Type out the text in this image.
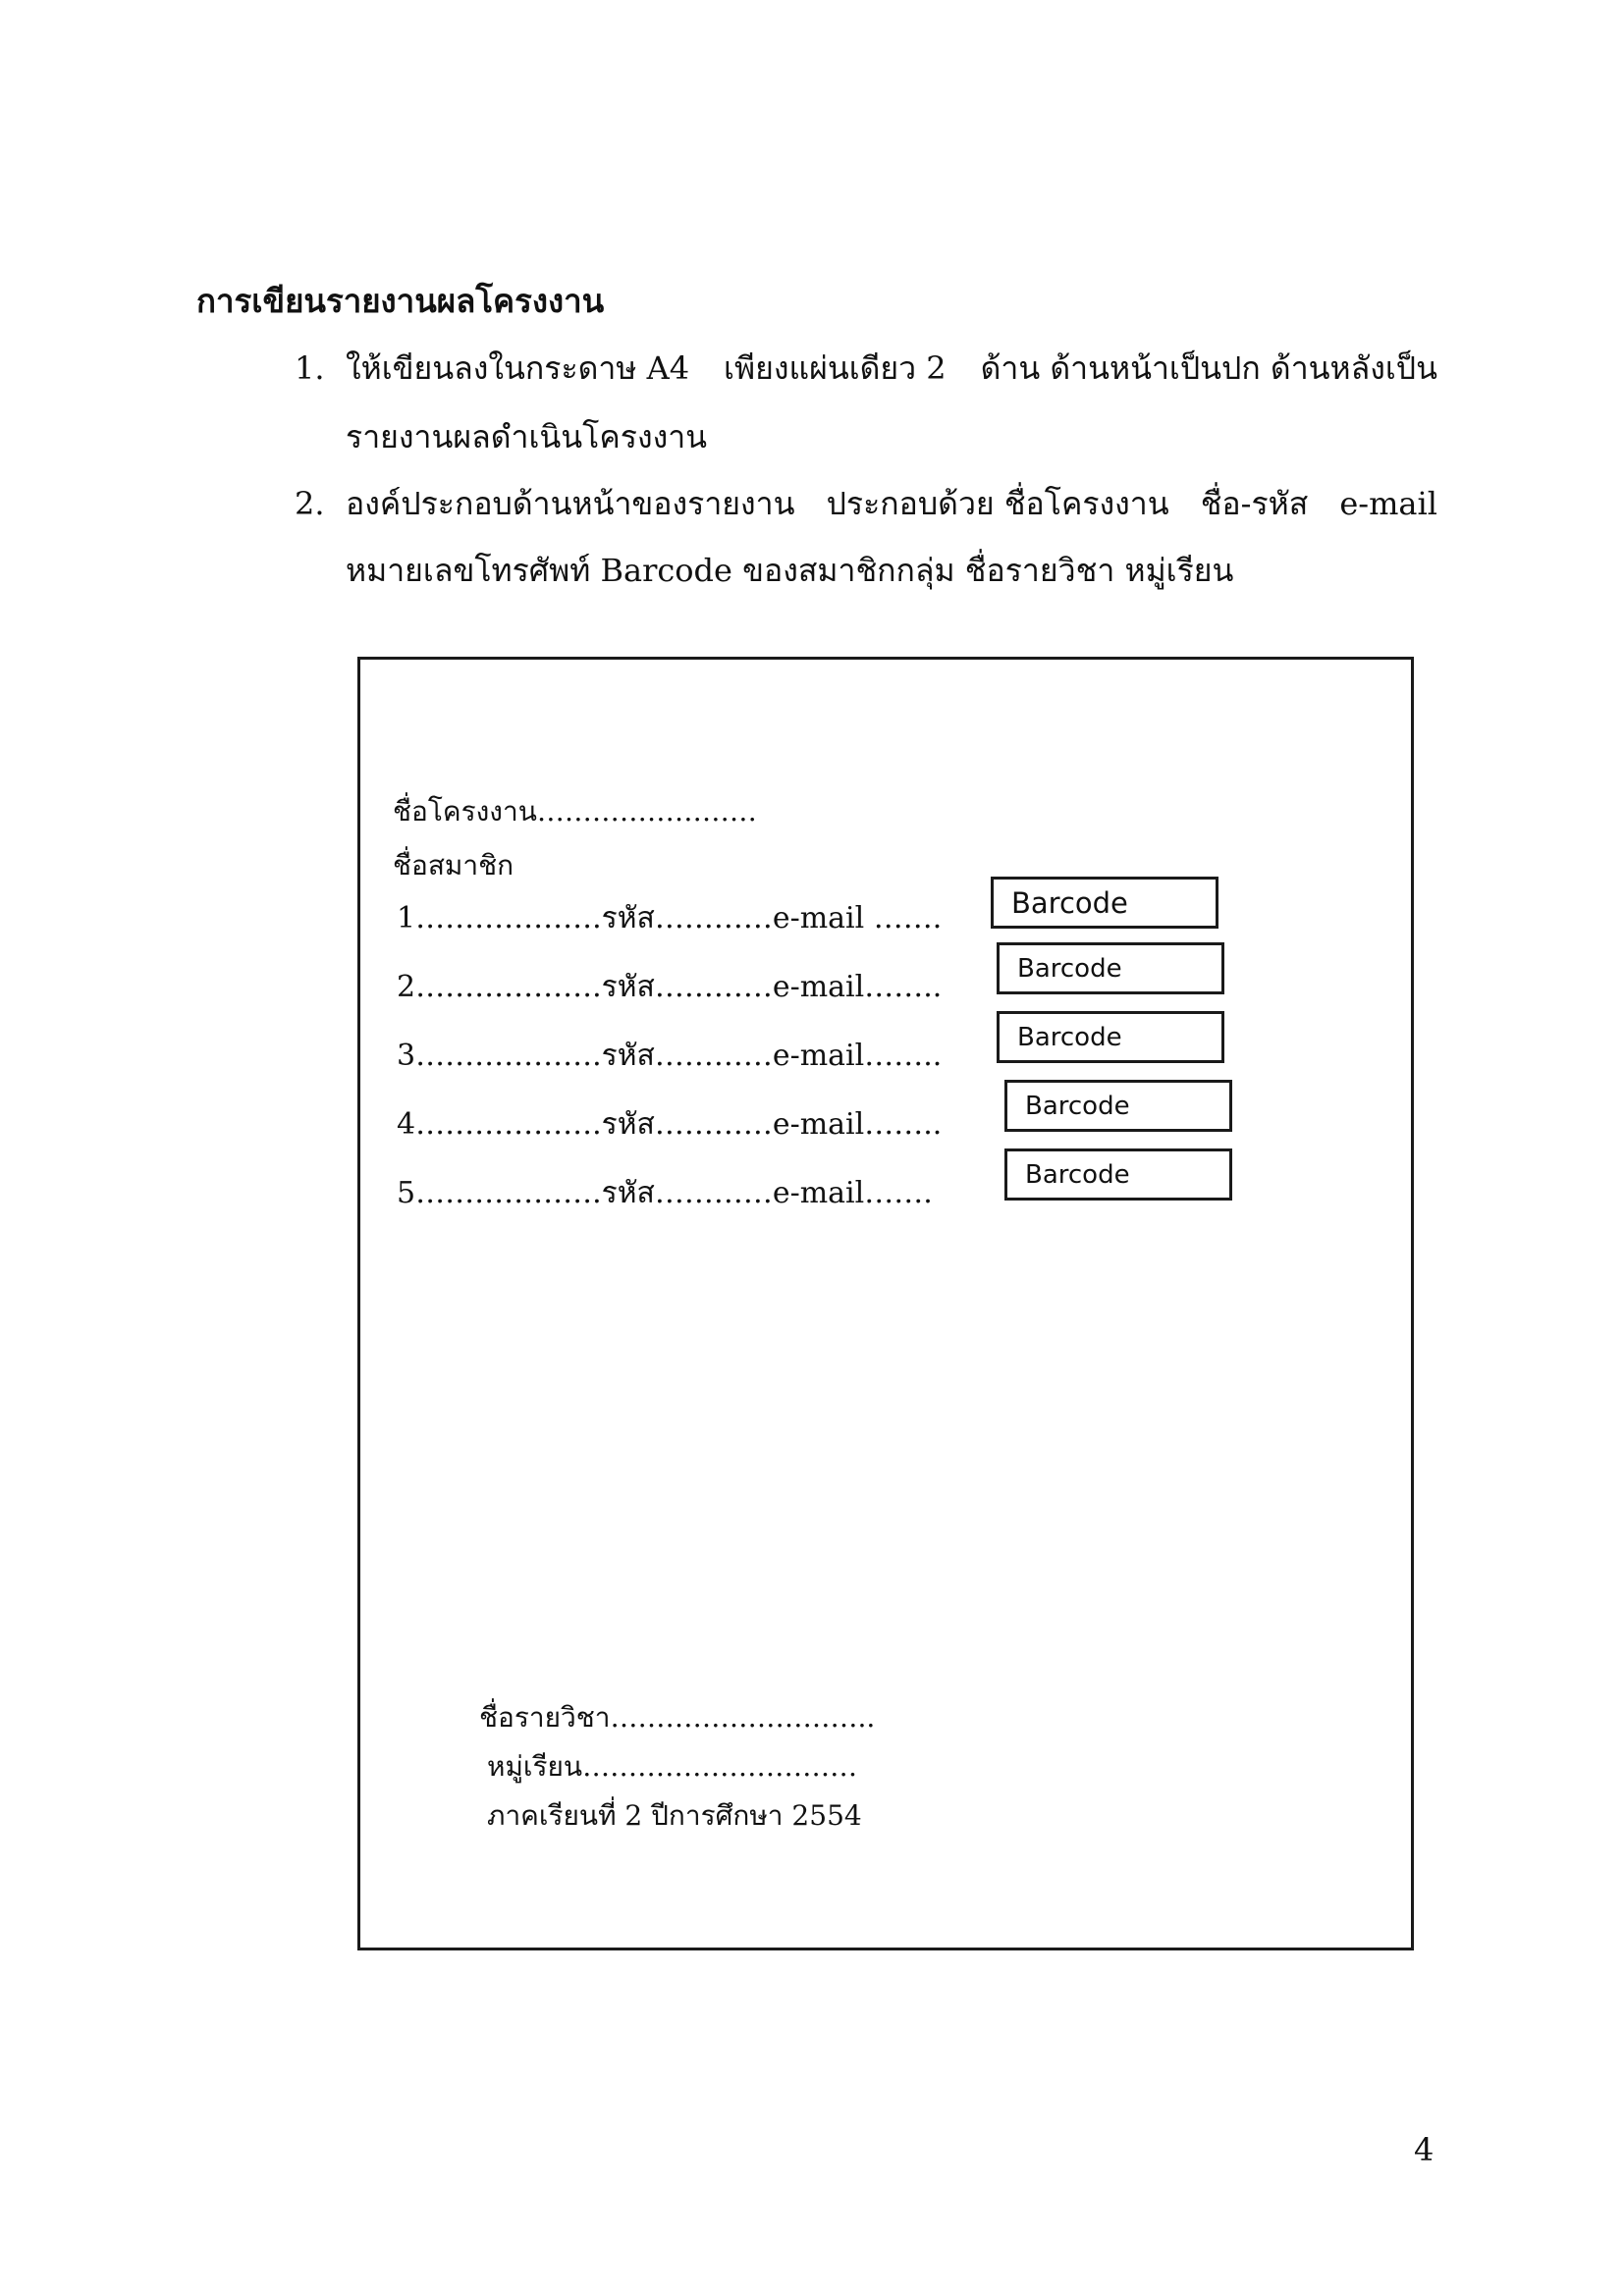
การเขียนรายงานผลโครงงาน
1. ให้เขียนลงในกระดาษ A4 เพียงแผ่นเดียว 2 ด้าน ด้านหน้าเป็นปก ด้านหลังเป็น
รายงานผลดำเนินโครงงาน
2. องค์ประกอบด้านหน้าของรายงาน ประกอบด้วย ชื่อโครงงาน ชื่อ-รหัส e-mail
หมายเลขโทรศัพท์ Barcode ของสมาชิกกลุ่ม ชื่อรายวิชา หมู่เรียน
ชื่อโครงงาน……………………
ชื่อสมาชิก
1……………….รหัส…………e-mail …….
2……………….รหัส…………e-mail……..
3……………….รหัส…………e-mail……..
4……………….รหัส…………e-mail……..
5……………….รหัส…………e-mail…….
Barcode
Barcode
Barcode
Barcode
Barcode
ชื่อรายวิชา………………………..
หมู่เรียน…………………………
ภาคเรียนที่ 2 ปีการศึกษา 2554
4
